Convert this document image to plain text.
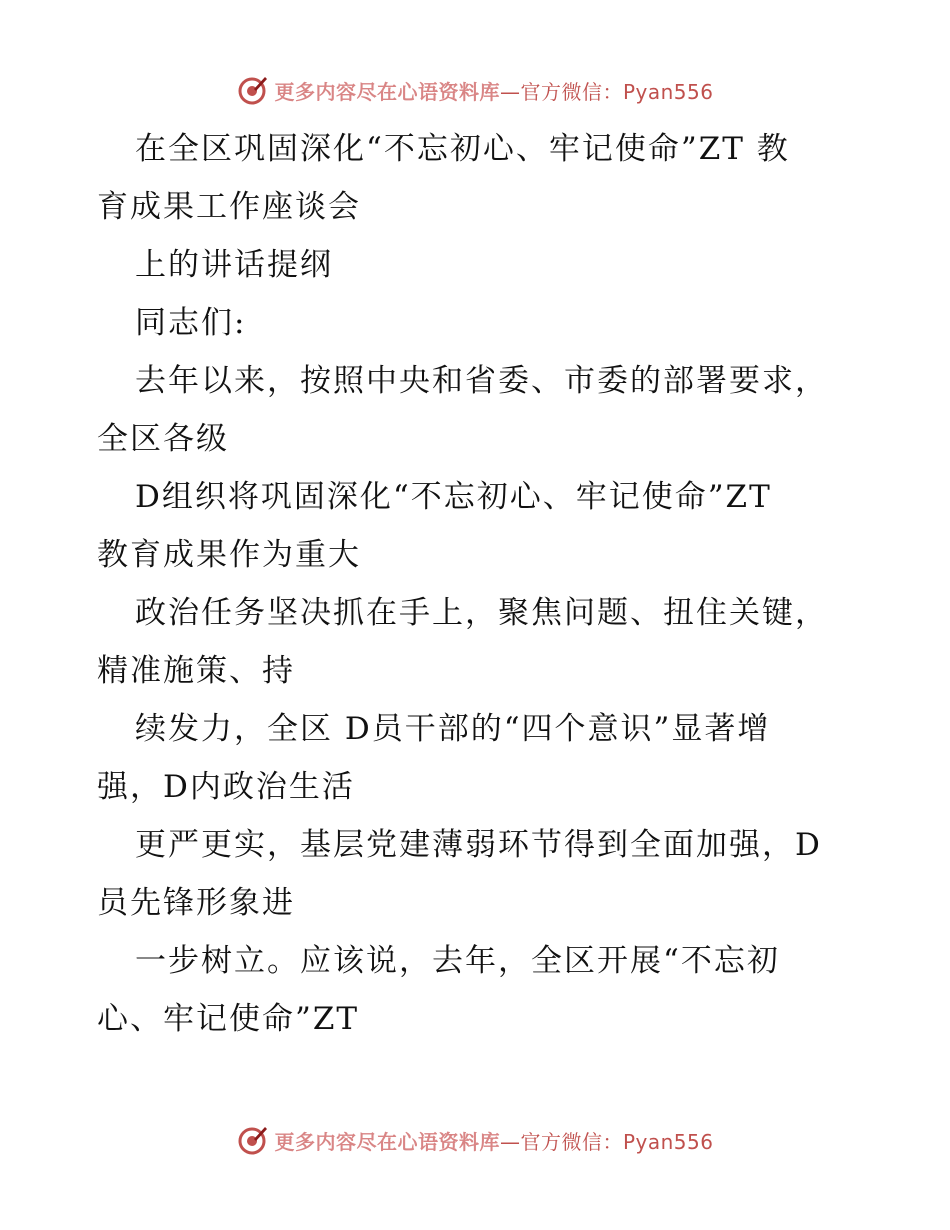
更多内容尽在心语资料库—官方微信：Pyan556

在全区巩固深化“不忘初心、牢记使命”ZT 教

育成果工作座谈会

上的讲话提纲

同志们:

去年以来，按照中央和省委、市委的部署要求，

全区各级

D组织将巩固深化“不忘初心、牢记使命”ZT

教育成果作为重大

政治任务坚决抓在手上，聚焦问题、扭住关键，

精准施策、持

续发力，全区 D员干部的“四个意识”显著增

强，D内政治生活

更严更实，基层党建薄弱环节得到全面加强，D

员先锋形象进

一步树立。应该说，去年，全区开展“不忘初

心、牢记使命”ZT

更多内容尽在心语资料库—官方微信：Pyan556
